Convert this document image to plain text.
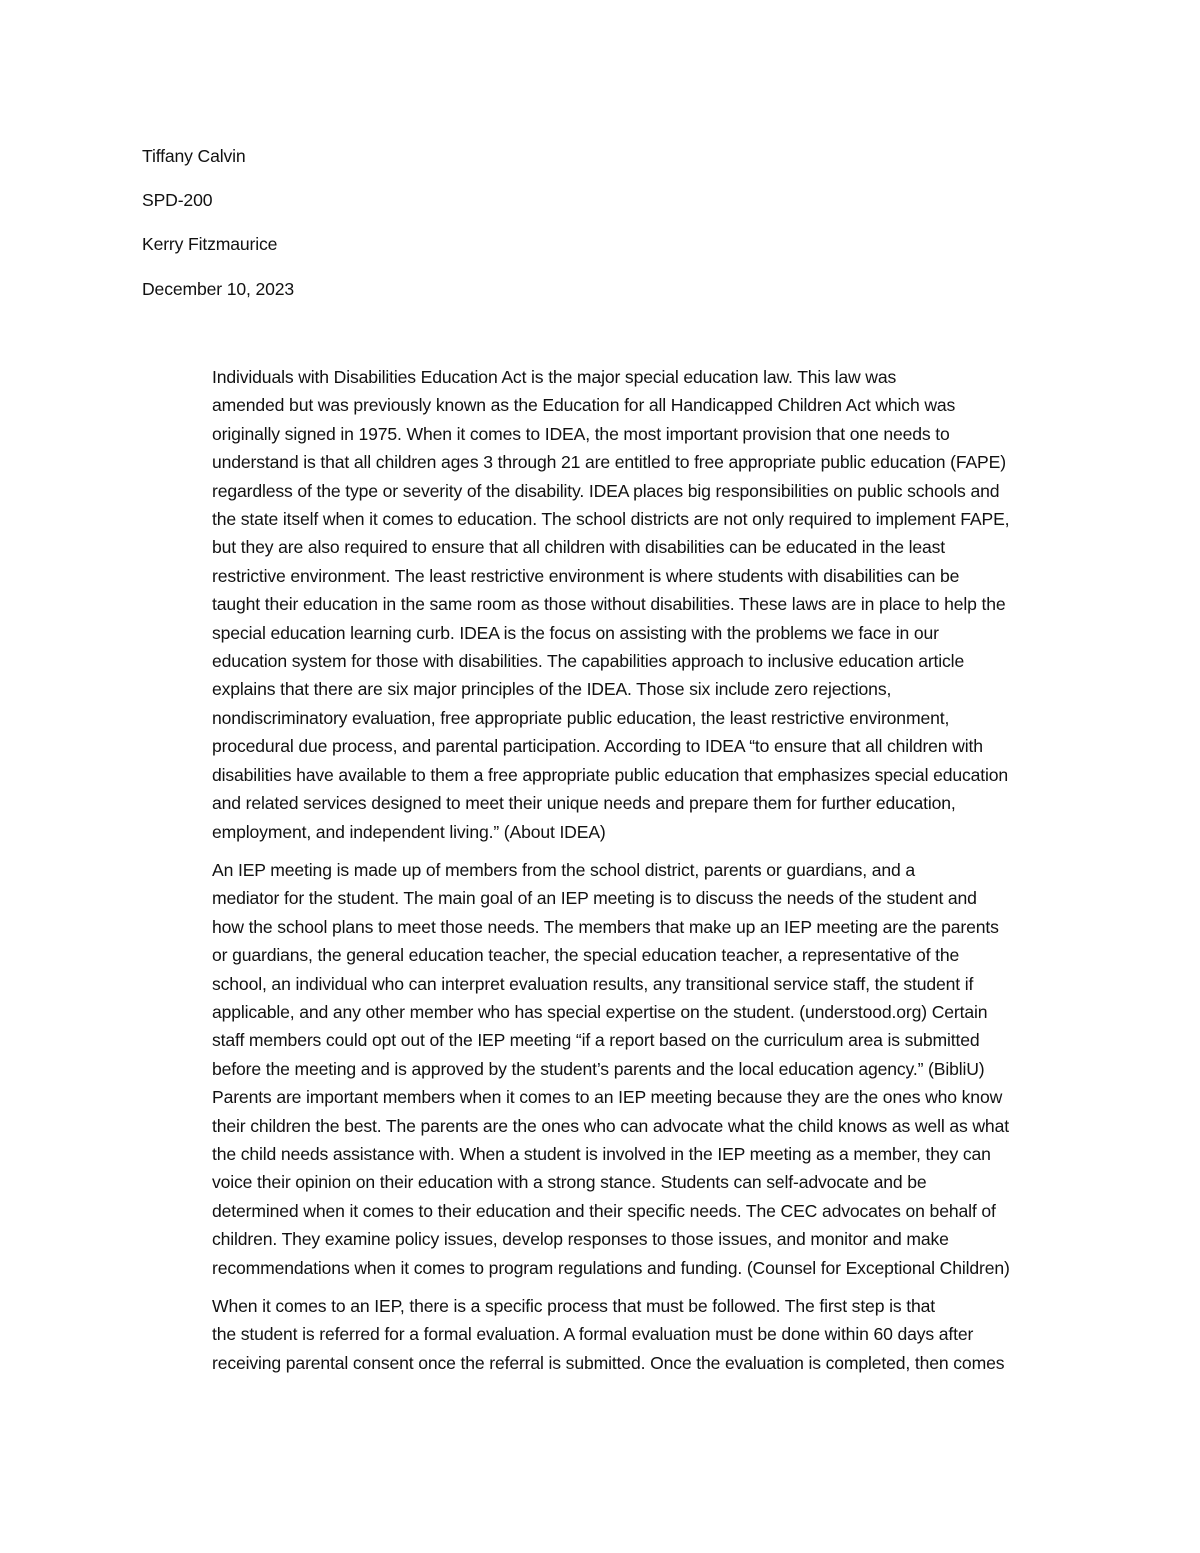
Tiffany Calvin

SPD-200

Kerry Fitzmaurice

December 10, 2023

Individuals with Disabilities Education Act is the major special education law. This law was
amended but was previously known as the Education for all Handicapped Children Act which was
originally signed in 1975. When it comes to IDEA, the most important provision that one needs to
understand is that all children ages 3 through 21 are entitled to free appropriate public education (FAPE)
regardless of the type or severity of the disability. IDEA places big responsibilities on public schools and
the state itself when it comes to education. The school districts are not only required to implement FAPE,
but they are also required to ensure that all children with disabilities can be educated in the least
restrictive environment. The least restrictive environment is where students with disabilities can be
taught their education in the same room as those without disabilities. These laws are in place to help the
special education learning curb. IDEA is the focus on assisting with the problems we face in our
education system for those with disabilities. The capabilities approach to inclusive education article
explains that there are six major principles of the IDEA. Those six include zero rejections,
nondiscriminatory evaluation, free appropriate public education, the least restrictive environment,
procedural due process, and parental participation. According to IDEA “to ensure that all children with
disabilities have available to them a free appropriate public education that emphasizes special education
and related services designed to meet their unique needs and prepare them for further education,
employment, and independent living.” (About IDEA)

An IEP meeting is made up of members from the school district, parents or guardians, and a
mediator for the student. The main goal of an IEP meeting is to discuss the needs of the student and
how the school plans to meet those needs. The members that make up an IEP meeting are the parents
or guardians, the general education teacher, the special education teacher, a representative of the
school, an individual who can interpret evaluation results, any transitional service staff, the student if
applicable, and any other member who has special expertise on the student. (understood.org) Certain
staff members could opt out of the IEP meeting “if a report based on the curriculum area is submitted
before the meeting and is approved by the student’s parents and the local education agency.” (BibliU)
Parents are important members when it comes to an IEP meeting because they are the ones who know
their children the best. The parents are the ones who can advocate what the child knows as well as what
the child needs assistance with. When a student is involved in the IEP meeting as a member, they can
voice their opinion on their education with a strong stance. Students can self-advocate and be
determined when it comes to their education and their specific needs. The CEC advocates on behalf of
children. They examine policy issues, develop responses to those issues, and monitor and make
recommendations when it comes to program regulations and funding. (Counsel for Exceptional Children)

When it comes to an IEP, there is a specific process that must be followed. The first step is that
the student is referred for a formal evaluation. A formal evaluation must be done within 60 days after
receiving parental consent once the referral is submitted. Once the evaluation is completed, then comes
